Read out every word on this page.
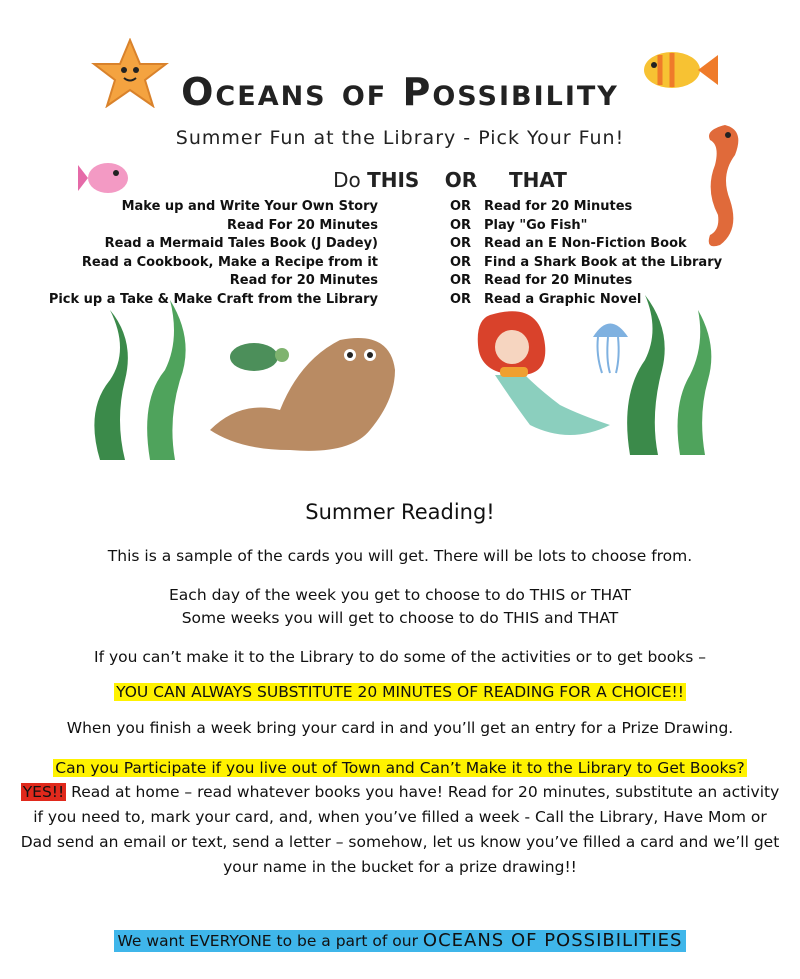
Oceans of Possibility
Summer Fun at the Library - Pick Your Fun!
Do THIS OR THAT
Make up and Write Your Own Story	OR Read for 20 Minutes
Read For 20 Minutes	OR Play "Go Fish"
Read a Mermaid Tales Book (J Dadey)	OR Read an E Non-Fiction Book
Read a Cookbook, Make a Recipe from it	OR Find a Shark Book at the Library
Read for 20 Minutes	OR Read for 20 Minutes
Pick up a Take & Make Craft from the Library	OR Read a Graphic Novel
Summer Reading!
This is a sample of the cards you will get. There will be lots to choose from.
Each day of the week you get to choose to do THIS or THAT
Some weeks you will get to choose to do THIS and THAT
If you can’t make it to the Library to do some of the activities or to get books –
YOU CAN ALWAYS SUBSTITUTE 20 MINUTES OF READING FOR A CHOICE!!
When you finish a week bring your card in and you’ll get an entry for a Prize Drawing.
Can you Participate if you live out of Town and Can’t Make it to the Library to Get Books?
YES!! Read at home – read whatever books you have! Read for 20 minutes, substitute an activity
if you need to, mark your card, and, when you’ve filled a week - Call the Library, Have Mom or
Dad send an email or text, send a letter – somehow, let us know you’ve filled a card and we’ll get
your name in the bucket for a prize drawing!!
We want EVERYONE to be a part of our OCEANS OF POSSIBILITIES
